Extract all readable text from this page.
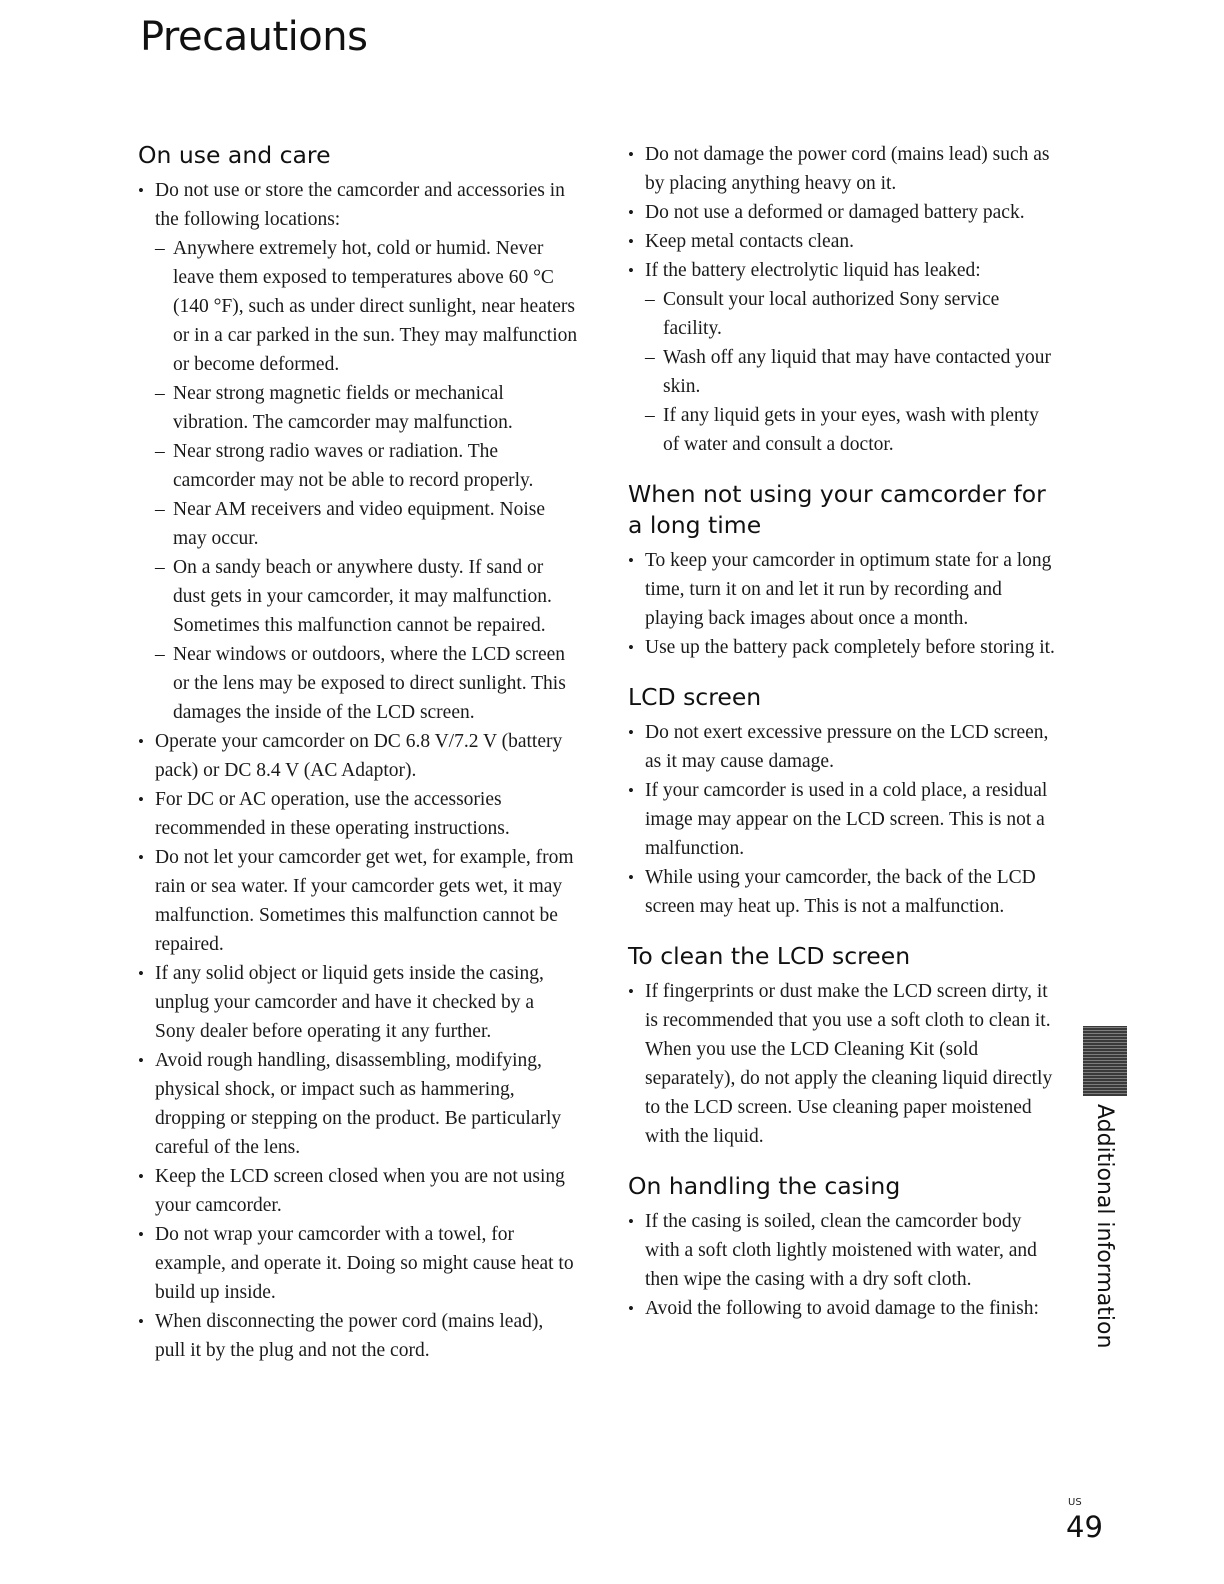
Precautions
On use and care
• Do not use or store the camcorder and accessories in the following locations:
– Anywhere extremely hot, cold or humid. Never leave them exposed to temperatures above 60 °C (140 °F), such as under direct sunlight, near heaters or in a car parked in the sun. They may malfunction or become deformed.
– Near strong magnetic fields or mechanical vibration. The camcorder may malfunction.
– Near strong radio waves or radiation. The camcorder may not be able to record properly.
– Near AM receivers and video equipment. Noise may occur.
– On a sandy beach or anywhere dusty. If sand or dust gets in your camcorder, it may malfunction. Sometimes this malfunction cannot be repaired.
– Near windows or outdoors, where the LCD screen or the lens may be exposed to direct sunlight. This damages the inside of the LCD screen.
• Operate your camcorder on DC 6.8 V/7.2 V (battery pack) or DC 8.4 V (AC Adaptor).
• For DC or AC operation, use the accessories recommended in these operating instructions.
• Do not let your camcorder get wet, for example, from rain or sea water. If your camcorder gets wet, it may malfunction. Sometimes this malfunction cannot be repaired.
• If any solid object or liquid gets inside the casing, unplug your camcorder and have it checked by a Sony dealer before operating it any further.
• Avoid rough handling, disassembling, modifying, physical shock, or impact such as hammering, dropping or stepping on the product. Be particularly careful of the lens.
• Keep the LCD screen closed when you are not using your camcorder.
• Do not wrap your camcorder with a towel, for example, and operate it. Doing so might cause heat to build up inside.
• When disconnecting the power cord (mains lead), pull it by the plug and not the cord.
• Do not damage the power cord (mains lead) such as by placing anything heavy on it.
• Do not use a deformed or damaged battery pack.
• Keep metal contacts clean.
• If the battery electrolytic liquid has leaked:
– Consult your local authorized Sony service facility.
– Wash off any liquid that may have contacted your skin.
– If any liquid gets in your eyes, wash with plenty of water and consult a doctor.
When not using your camcorder for a long time
• To keep your camcorder in optimum state for a long time, turn it on and let it run by recording and playing back images about once a month.
• Use up the battery pack completely before storing it.
LCD screen
• Do not exert excessive pressure on the LCD screen, as it may cause damage.
• If your camcorder is used in a cold place, a residual image may appear on the LCD screen. This is not a malfunction.
• While using your camcorder, the back of the LCD screen may heat up. This is not a malfunction.
To clean the LCD screen
• If fingerprints or dust make the LCD screen dirty, it is recommended that you use a soft cloth to clean it. When you use the LCD Cleaning Kit (sold separately), do not apply the cleaning liquid directly to the LCD screen. Use cleaning paper moistened with the liquid.
On handling the casing
• If the casing is soiled, clean the camcorder body with a soft cloth lightly moistened with water, and then wipe the casing with a dry soft cloth.
• Avoid the following to avoid damage to the finish:	Additional information
US
49
